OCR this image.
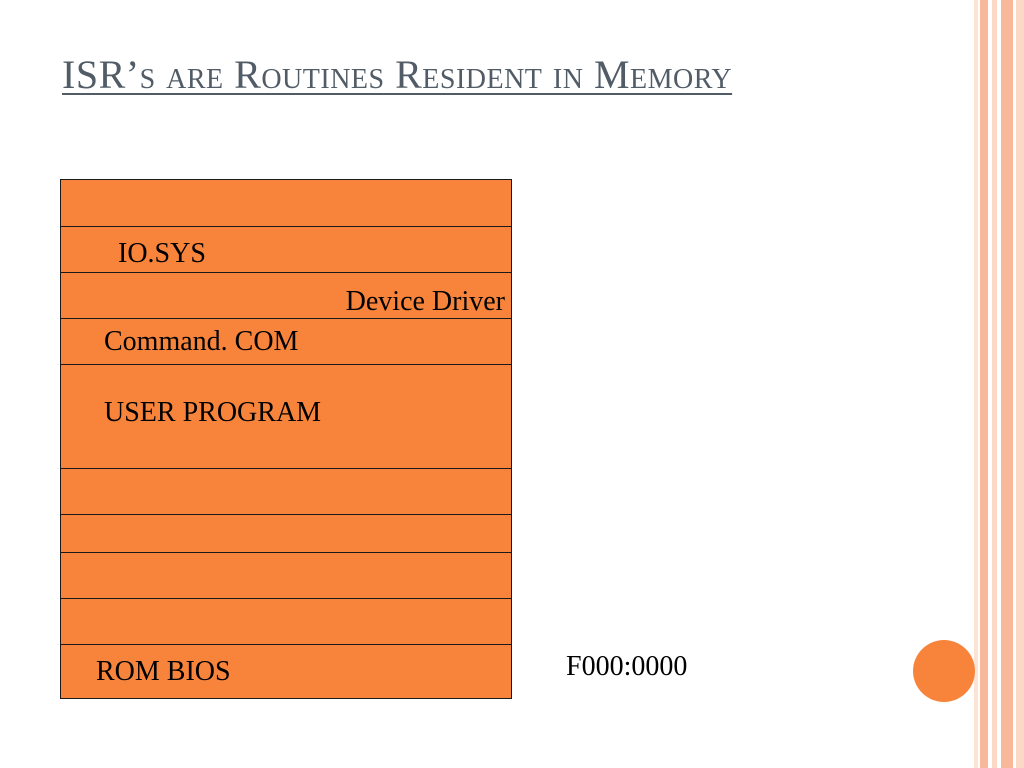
ISR’s are Routines Resident in Memory
IO.SYS
Device Driver
Command. COM
USER PROGRAM
ROM BIOS	F000:0000
